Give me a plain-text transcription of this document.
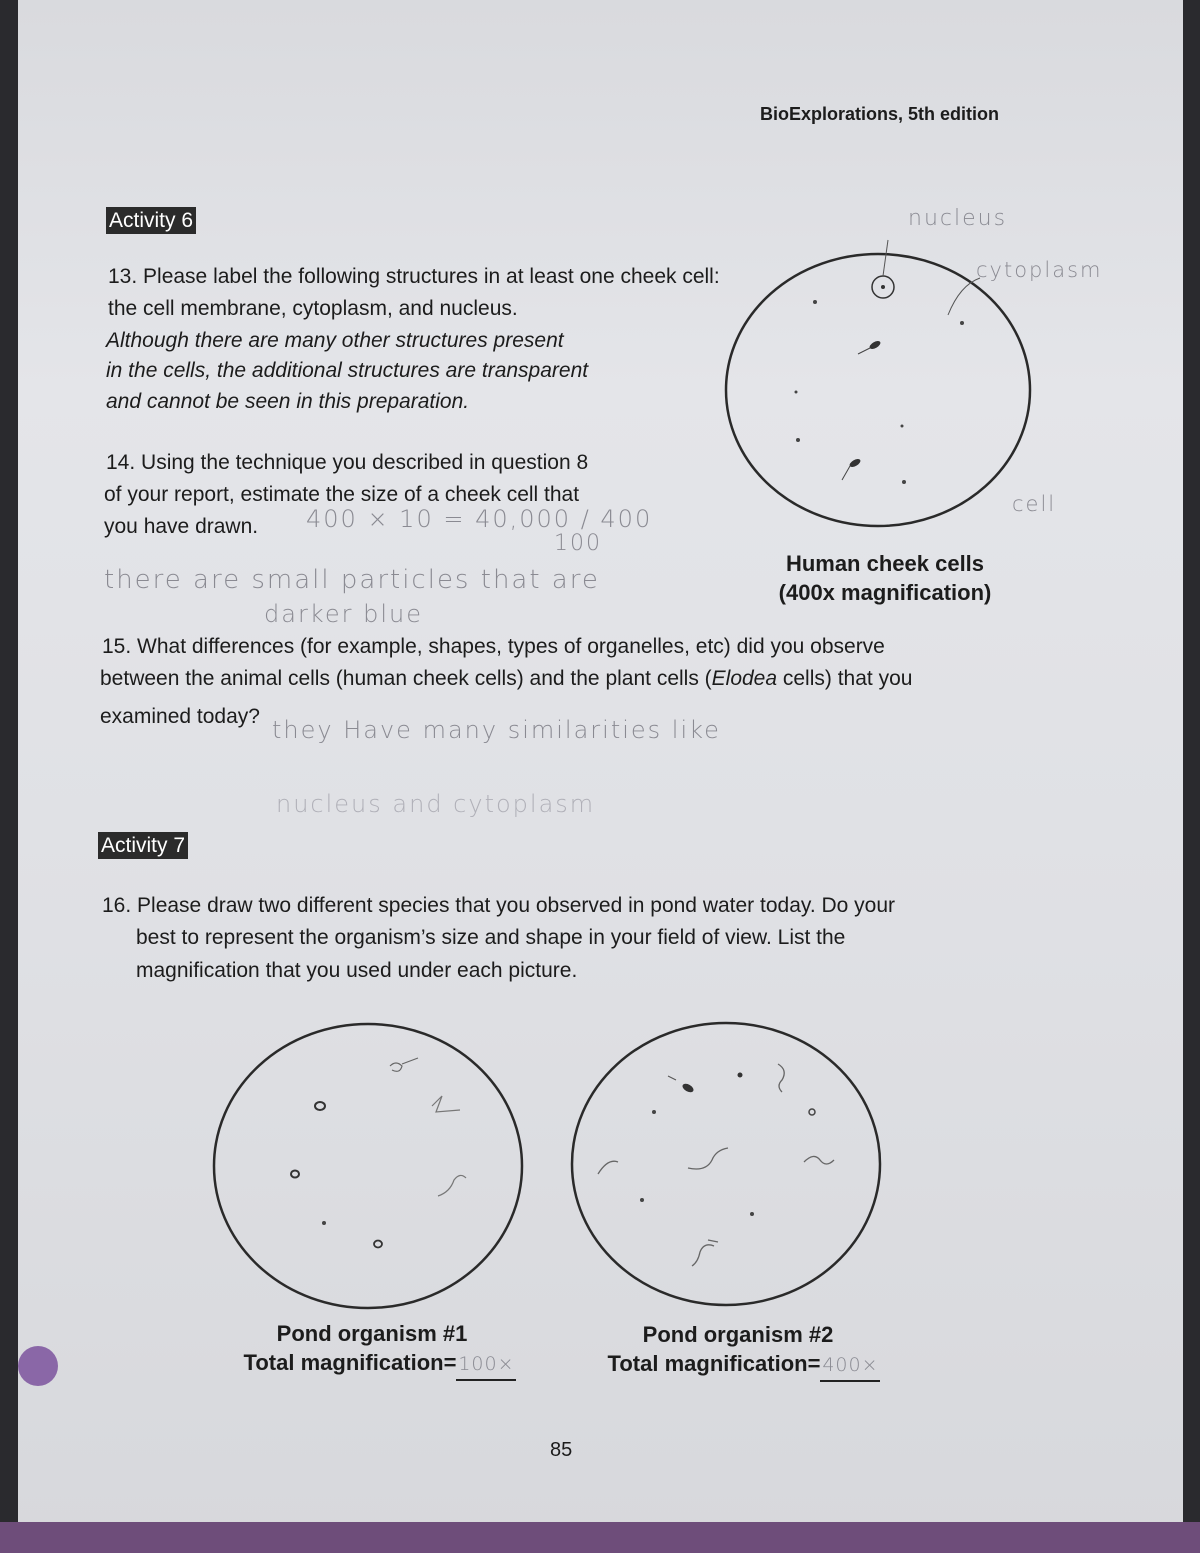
BioExplorations, 5th edition
Activity 6
13. Please label the following structures in at least one cheek cell:
the cell membrane, cytoplasm, and nucleus.
Although there are many other structures present
in the cells, the additional structures are transparent
and cannot be seen in this preparation.
14. Using the technique you described in question 8
of your report, estimate the size of a cheek cell that
you have drawn. 400 × 10 = 40,000 / 400
100
there are small particles that are
darker blue
nucleus
cytoplasm
cell
Human cheek cells
(400x magnification)
15. What differences (for example, shapes, types of organelles, etc) did you observe
between the animal cells (human cheek cells) and the plant cells (Elodea cells) that you
examined today? they Have many similarities like
nucleus and cytoplasm
Activity 7
16. Please draw two different species that you observed in pond water today. Do your
best to represent the organism’s size and shape in your field of view. List the
magnification that you used under each picture.
Pond organism #1
Total magnification= 100×
Pond organism #2
Total magnification= 400×
85
